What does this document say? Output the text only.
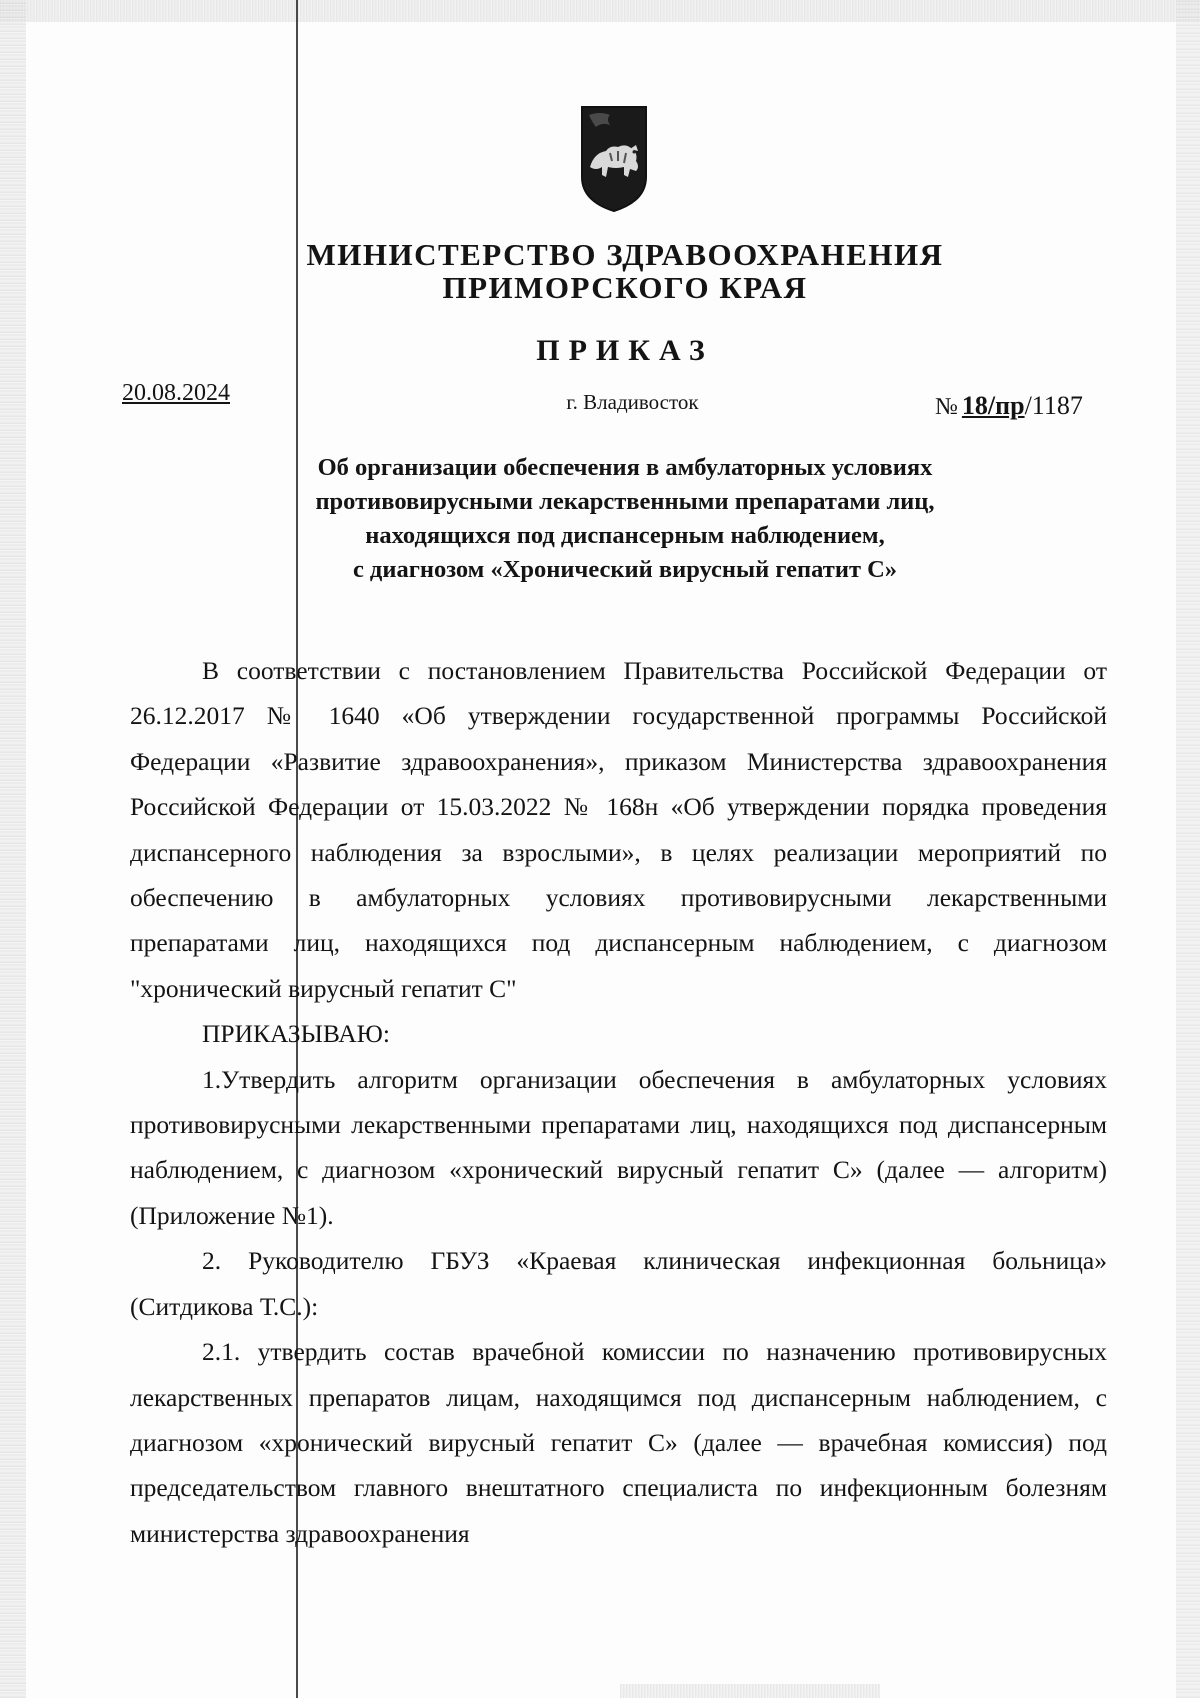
МИНИСТЕРСТВО ЗДРАВООХРАНЕНИЯ
ПРИМОРСКОГО КРАЯ
ПРИКАЗ
20.08.2024	г. Владивосток	№ 18/пр/1187
Об организации обеспечения в амбулаторных условиях
противовирусными лекарственными препаратами лиц,
находящихся под диспансерным наблюдением,
с диагнозом «Хронический вирусный гепатит С»

В соответствии с постановлением Правительства Российской Федерации от 26.12.2017 № 1640 «Об утверждении государственной программы Российской Федерации «Развитие здравоохранения», приказом Министерства здравоохранения Российской Федерации от 15.03.2022 № 168н «Об утверждении порядка проведения диспансерного наблюдения за взрослыми», в целях реализации мероприятий по обеспечению в амбулаторных условиях противовирусными лекарственными препаратами лиц, находящихся под диспансерным наблюдением, с диагнозом "хронический вирусный гепатит С"

ПРИКАЗЫВАЮ:

1.Утвердить алгоритм организации обеспечения в амбулаторных условиях противовирусными лекарственными препаратами лиц, находящихся под диспансерным наблюдением, с диагнозом «хронический вирусный гепатит С» (далее — алгоритм) (Приложение №1).

2. Руководителю ГБУЗ «Краевая клиническая инфекционная больница» (Ситдикова Т.С.):

2.1. утвердить состав врачебной комиссии по назначению противовирусных лекарственных препаратов лицам, находящимся под диспансерным наблюдением, с диагнозом «хронический вирусный гепатит С» (далее — врачебная комиссия) под председательством главного внештатного специалиста по инфекционным болезням министерства здравоохранения
